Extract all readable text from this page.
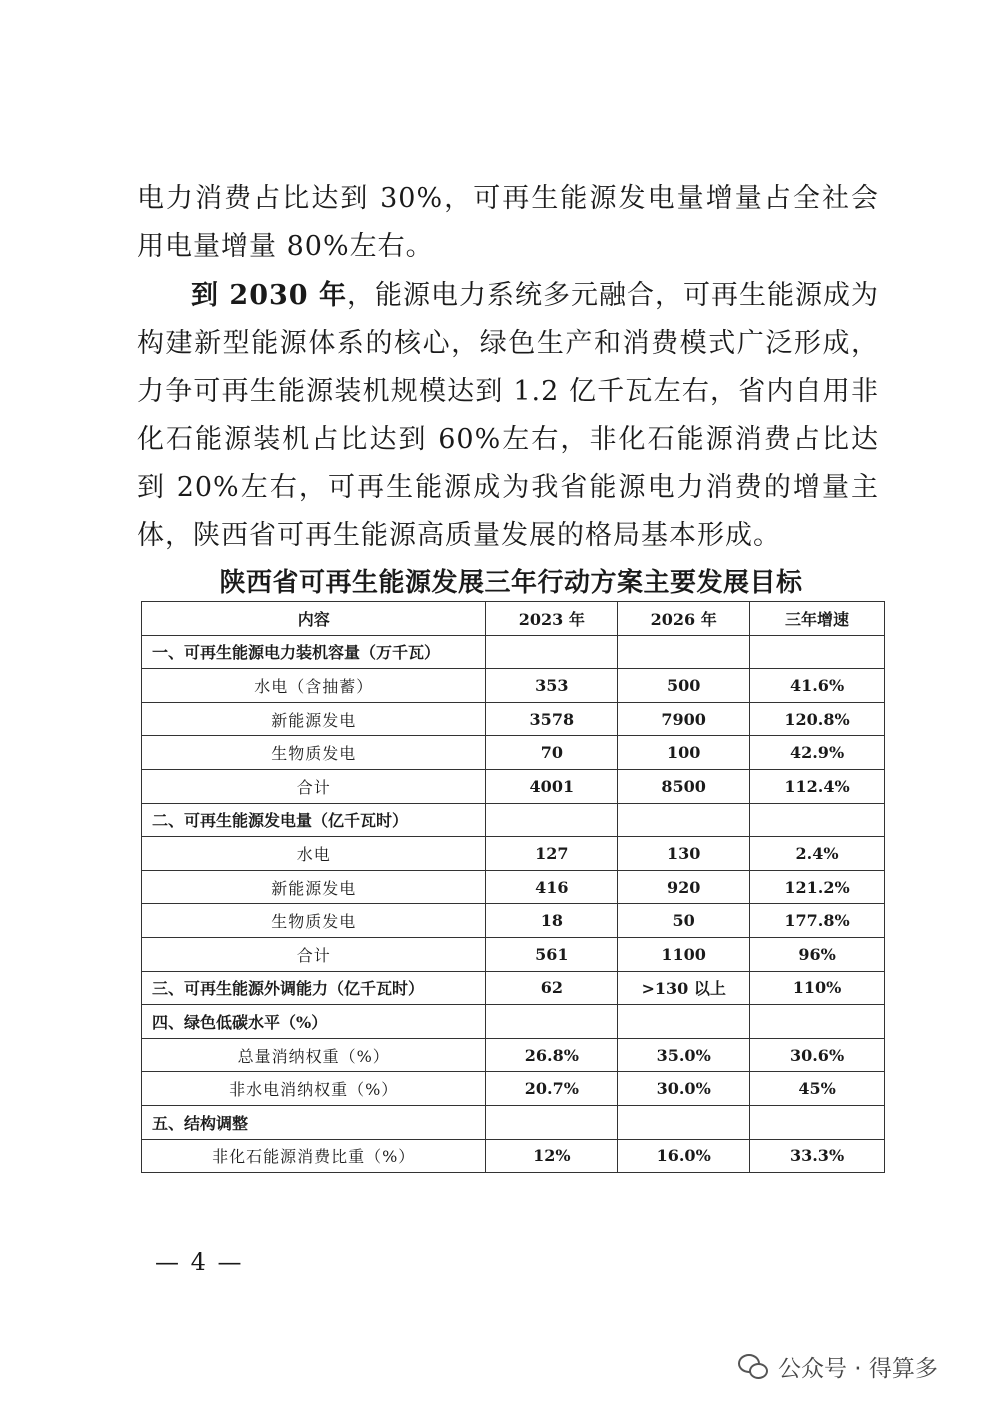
电力消费占比达到 30%，可再生能源发电量增量占全社会用电量增量 80%左右。
到 2030 年，能源电力系统多元融合，可再生能源成为构建新型能源体系的核心，绿色生产和消费模式广泛形成，力争可再生能源装机规模达到 1.2 亿千瓦左右，省内自用非化石能源装机占比达到 60%左右，非化石能源消费占比达到 20%左右，可再生能源成为我省能源电力消费的增量主体，陕西省可再生能源高质量发展的格局基本形成。
陕西省可再生能源发展三年行动方案主要发展目标
内容	2023 年	2026 年	三年增速
一、可再生能源电力装机容量（万千瓦）			
水电（含抽蓄）	353	500	41.6%
新能源发电	3578	7900	120.8%
生物质发电	70	100	42.9%
合计	4001	8500	112.4%
二、可再生能源发电量（亿千瓦时）			
水电	127	130	2.4%
新能源发电	416	920	121.2%
生物质发电	18	50	177.8%
合计	561	1100	96%
三、可再生能源外调能力（亿千瓦时）	62	>130 以上	110%
四、绿色低碳水平（%）			
总量消纳权重（%）	26.8%	35.0%	30.6%
非水电消纳权重（%）	20.7%	30.0%	45%
五、结构调整			
非化石能源消费比重（%）	12%	16.0%	33.3%
— 4 —
公众号 · 得算多
